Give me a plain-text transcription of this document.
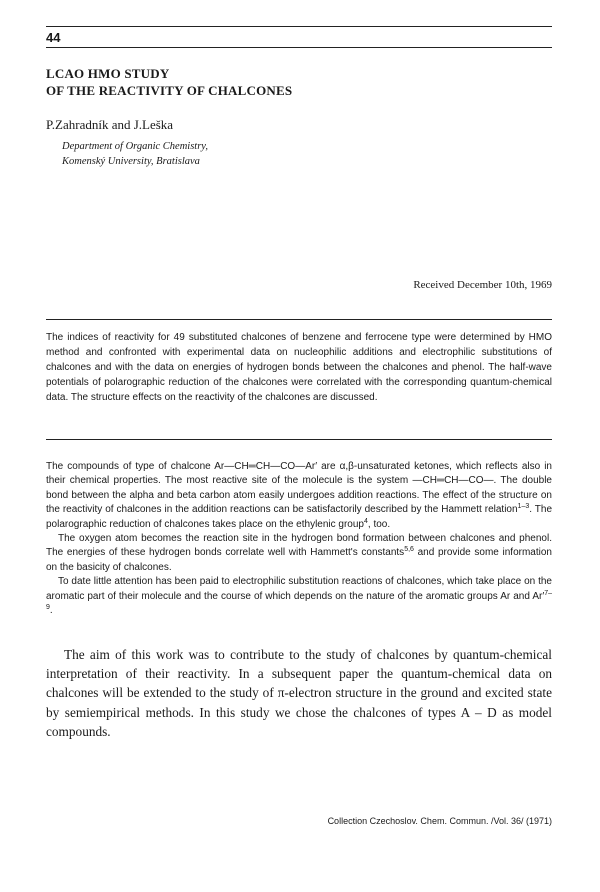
44
LCAO HMO STUDY
OF THE REACTIVITY OF CHALCONES
P.Zahradník and J.Leška
Department of Organic Chemistry,
Komenský University, Bratislava
Received December 10th, 1969

The indices of reactivity for 49 substituted chalcones of benzene and ferrocene type were determined by HMO method and confronted with experimental data on nucleophilic additions and electrophilic substitutions of chalcones and with the data on energies of hydrogen bonds between the chalcones and phenol. The half-wave potentials of polarographic reduction of the chalcones were correlated with the corresponding quantum-chemical data. The structure effects on the reactivity of the chalcones are discussed.

The compounds of type of chalcone Ar—CH═CH—CO—Ar′ are α,β-unsaturated ketones, which reflects also in their chemical properties. The most reactive site of the molecule is the system —CH═CH—CO—. The double bond between the alpha and beta carbon atom easily undergoes addition reactions. The effect of the structure on the reactivity of chalcones in the addition reactions can be satisfactorily described by the Hammett relation$^{1-3}$. The polarographic reduction of chalcones takes place on the ethylenic group$^4$, too.

The oxygen atom becomes the reaction site in the hydrogen bond formation between chalcones and phenol. The energies of these hydrogen bonds correlate well with Hammett's constants$^{5,6}$ and provide some information on the basicity of chalcones.

To date little attention has been paid to electrophilic substitution reactions of chalcones, which take place on the aromatic part of their molecule and the course of which depends on the nature of the aromatic groups Ar and $Ar'^{7-9}$.

The aim of this work was to contribute to the study of chalcones by quantum-chemical interpretation of their reactivity. In a subsequent paper the quantum-chemical data on chalcones will be extended to the study of π-electron structure in the ground and excited state by semiempirical methods. In this study we chose the chalcones of types A – D as model compounds.

Collection Czechoslov. Chem. Commun. /Vol. 36/ (1971)
